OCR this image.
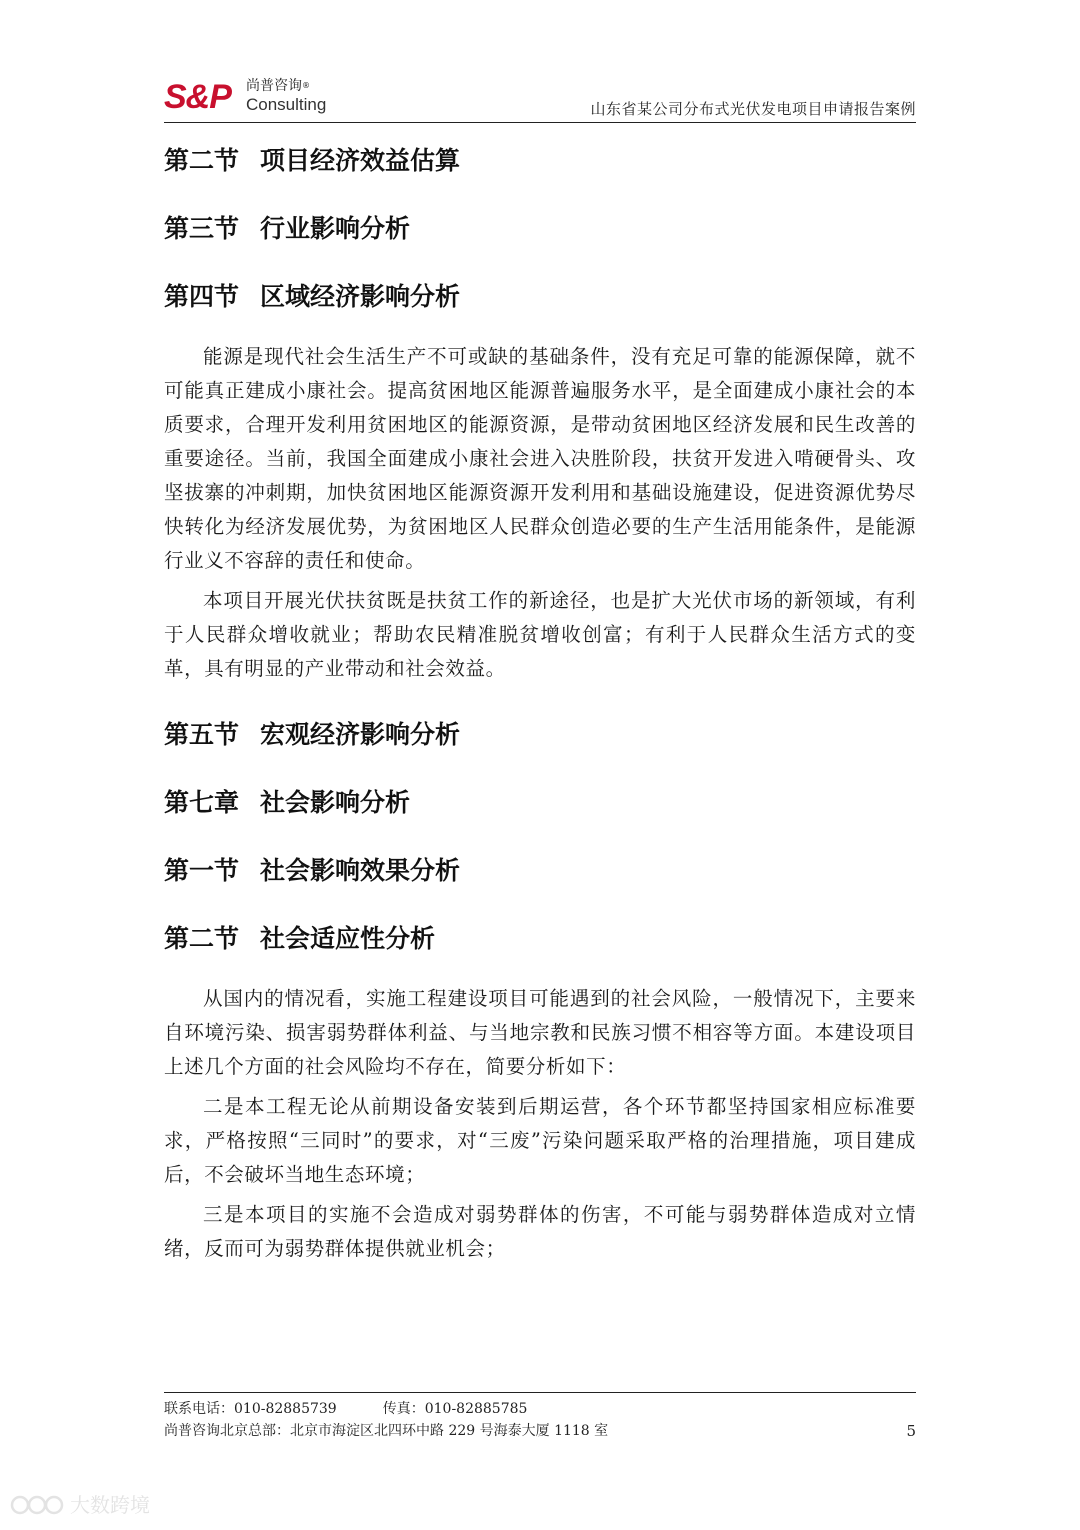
S&P 尚普咨询®
Consulting	山东省某公司分布式光伏发电项目申请报告案例
第二节 项目经济效益估算
第三节 行业影响分析
第四节 区域经济影响分析

能源是现代社会生活生产不可或缺的基础条件，没有充足可靠的能源保障，就不可能真正建成小康社会。提高贫困地区能源普遍服务水平，是全面建成小康社会的本质要求，合理开发利用贫困地区的能源资源，是带动贫困地区经济发展和民生改善的重要途径。当前，我国全面建成小康社会进入决胜阶段，扶贫开发进入啃硬骨头、攻坚拔寨的冲刺期，加快贫困地区能源资源开发利用和基础设施建设，促进资源优势尽快转化为经济发展优势，为贫困地区人民群众创造必要的生产生活用能条件，是能源行业义不容辞的责任和使命。

本项目开展光伏扶贫既是扶贫工作的新途径，也是扩大光伏市场的新领域，有利于人民群众增收就业；帮助农民精准脱贫增收创富；有利于人民群众生活方式的变革，具有明显的产业带动和社会效益。

第五节 宏观经济影响分析
第七章 社会影响分析
第一节 社会影响效果分析
第二节 社会适应性分析

从国内的情况看，实施工程建设项目可能遇到的社会风险，一般情况下，主要来自环境污染、损害弱势群体利益、与当地宗教和民族习惯不相容等方面。本建设项目上述几个方面的社会风险均不存在，简要分析如下：

二是本工程无论从前期设备安装到后期运营，各个环节都坚持国家相应标准要求，严格按照“三同时”的要求，对“三废”污染问题采取严格的治理措施，项目建成后，不会破坏当地生态环境；

三是本项目的实施不会造成对弱势群体的伤害，不可能与弱势群体造成对立情绪，反而可为弱势群体提供就业机会；

联系电话：010-82885739	传真：010-82885785
尚普咨询北京总部：北京市海淀区北四环中路 229 号海泰大厦 1118 室	5
大数跨境
